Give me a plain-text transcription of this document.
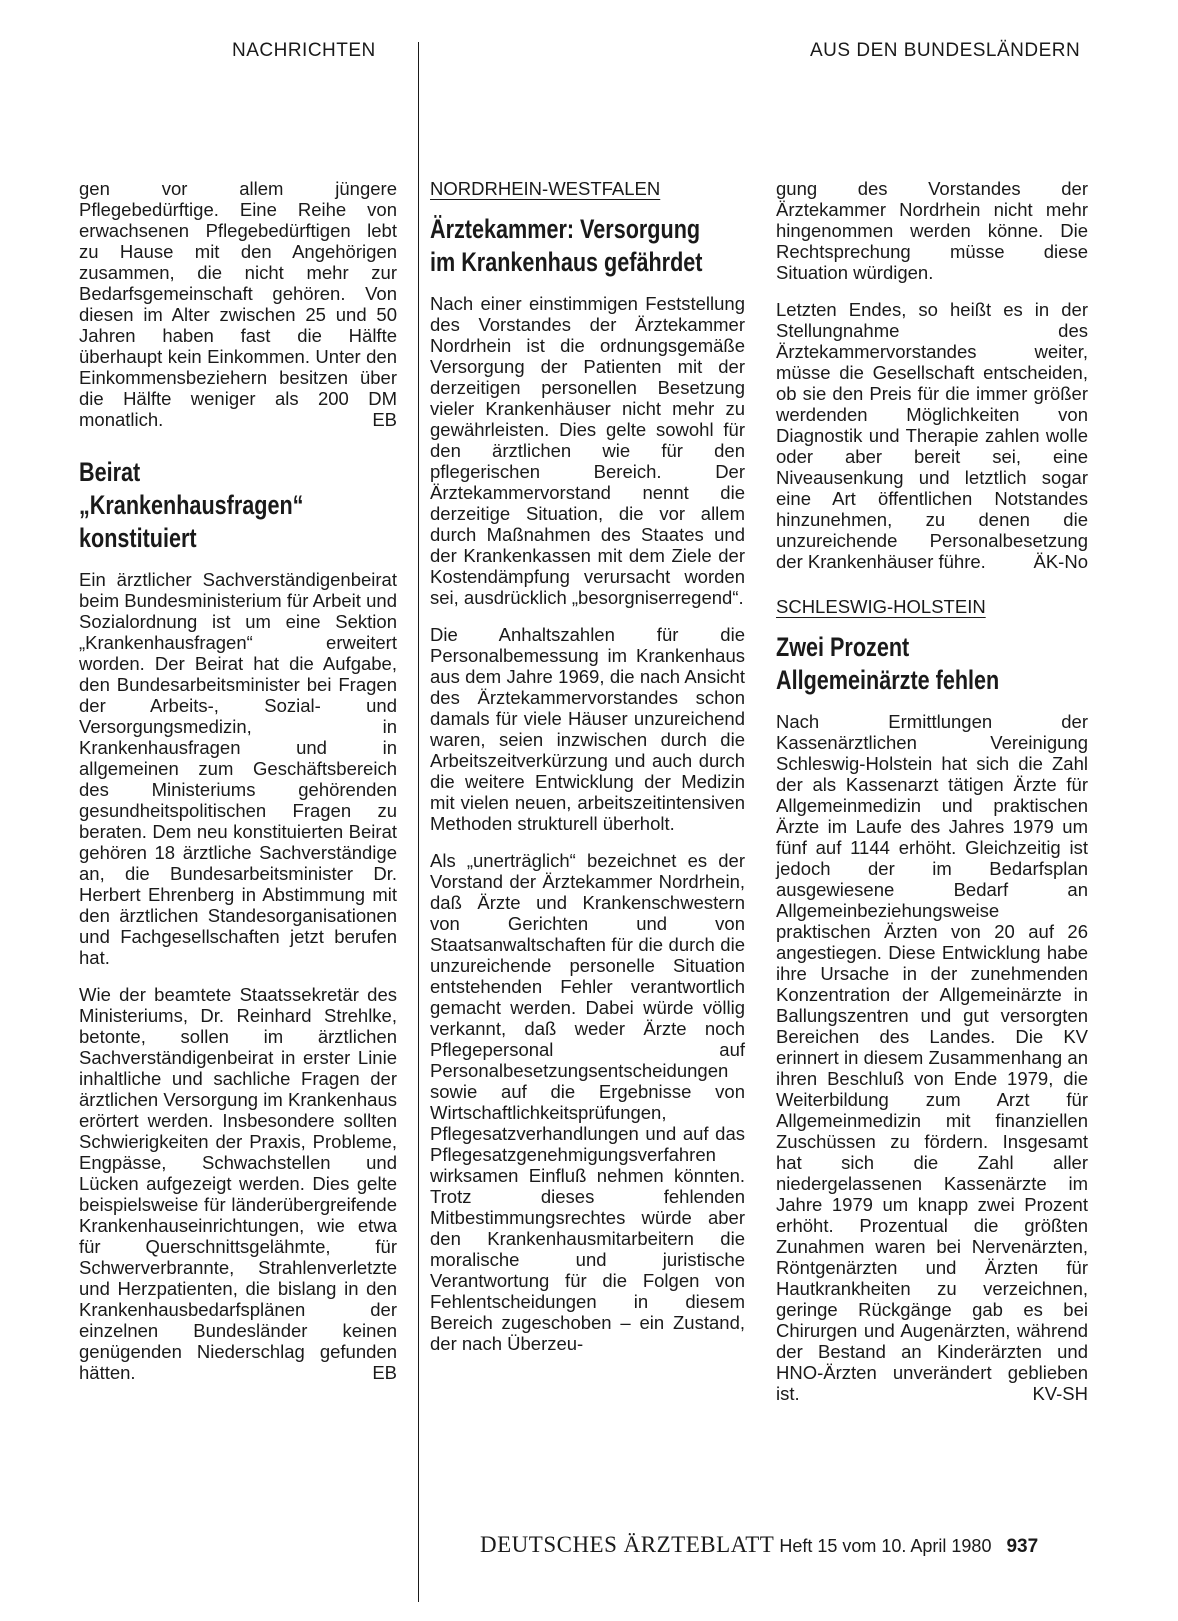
NACHRICHTEN	AUS DEN BUNDESLÄNDERN

gen vor allem jüngere Pflegebedürftige. Eine Reihe von erwachsenen Pflegebedürftigen lebt zu Hause mit den Angehörigen zusammen, die nicht mehr zur Bedarfsgemeinschaft gehören. Von diesen im Alter zwischen 25 und 50 Jahren haben fast die Hälfte überhaupt kein Einkommen. Unter den Einkommensbeziehern besitzen über die Hälfte weniger als 200 DM monatlich.	EB

Beirat
„Krankenhausfragen“
konstituiert

Ein ärztlicher Sachverständigenbeirat beim Bundesministerium für Arbeit und Sozialordnung ist um eine Sektion „Krankenhausfragen“ erweitert worden. Der Beirat hat die Aufgabe, den Bundesarbeitsminister bei Fragen der Arbeits-, Sozial- und Versorgungsmedizin, in Krankenhausfragen und in allgemeinen zum Geschäftsbereich des Ministeriums gehörenden gesundheitspolitischen Fragen zu beraten. Dem neu konstituierten Beirat gehören 18 ärztliche Sachverständige an, die Bundesarbeitsminister Dr. Herbert Ehrenberg in Abstimmung mit den ärztlichen Standesorganisationen und Fachgesellschaften jetzt berufen hat.

Wie der beamtete Staatssekretär des Ministeriums, Dr. Reinhard Strehlke, betonte, sollen im ärztlichen Sachverständigenbeirat in erster Linie inhaltliche und sachliche Fragen der ärztlichen Versorgung im Krankenhaus erörtert werden. Insbesondere sollten Schwierigkeiten der Praxis, Probleme, Engpässe, Schwachstellen und Lücken aufgezeigt werden. Dies gelte beispielsweise für länderübergreifende Krankenhauseinrichtungen, wie etwa für Querschnittsgelähmte, für Schwerverbrannte, Strahlenverletzte und Herzpatienten, die bislang in den Krankenhausbedarfsplänen der einzelnen Bundesländer keinen genügenden Niederschlag gefunden hätten.	EB

NORDRHEIN-WESTFALEN
Ärztekammer: Versorgung
im Krankenhaus gefährdet

Nach einer einstimmigen Feststellung des Vorstandes der Ärztekammer Nordrhein ist die ordnungsgemäße Versorgung der Patienten mit der derzeitigen personellen Besetzung vieler Krankenhäuser nicht mehr zu gewährleisten. Dies gelte sowohl für den ärztlichen wie für den pflegerischen Bereich. Der Ärztekammervorstand nennt die derzeitige Situation, die vor allem durch Maßnahmen des Staates und der Krankenkassen mit dem Ziele der Kostendämpfung verursacht worden sei, ausdrücklich „besorgniserregend“.

Die Anhaltszahlen für die Personalbemessung im Krankenhaus aus dem Jahre 1969, die nach Ansicht des Ärztekammervorstandes schon damals für viele Häuser unzureichend waren, seien inzwischen durch die Arbeitszeitverkürzung und auch durch die weitere Entwicklung der Medizin mit vielen neuen, arbeitszeitintensiven Methoden strukturell überholt.

Als „unerträglich“ bezeichnet es der Vorstand der Ärztekammer Nordrhein, daß Ärzte und Krankenschwestern von Gerichten und von Staatsanwaltschaften für die durch die unzureichende personelle Situation entstehenden Fehler verantwortlich gemacht werden. Dabei würde völlig verkannt, daß weder Ärzte noch Pflegepersonal auf Personalbesetzungsentscheidungen sowie auf die Ergebnisse von Wirtschaftlichkeitsprüfungen, Pflegesatzverhandlungen und auf das Pflegesatzgenehmigungsverfahren wirksamen Einfluß nehmen könnten. Trotz dieses fehlenden Mitbestimmungsrechtes würde aber den Krankenhausmitarbeitern die moralische und juristische Verantwortung für die Folgen von Fehlentscheidungen in diesem Bereich zugeschoben – ein Zustand, der nach Überzeu-

gung des Vorstandes der Ärztekammer Nordrhein nicht mehr hingenommen werden könne. Die Rechtsprechung müsse diese Situation würdigen.

Letzten Endes, so heißt es in der Stellungnahme des Ärztekammervorstandes weiter, müsse die Gesellschaft entscheiden, ob sie den Preis für die immer größer werdenden Möglichkeiten von Diagnostik und Therapie zahlen wolle oder aber bereit sei, eine Niveausenkung und letztlich sogar eine Art öffentlichen Notstandes hinzunehmen, zu denen die unzureichende Personalbesetzung der Krankenhäuser führe.	ÄK-No

SCHLESWIG-HOLSTEIN
Zwei Prozent
Allgemeinärzte fehlen

Nach Ermittlungen der Kassenärztlichen Vereinigung Schleswig-Holstein hat sich die Zahl der als Kassenarzt tätigen Ärzte für Allgemeinmedizin und praktischen Ärzte im Laufe des Jahres 1979 um fünf auf 1144 erhöht. Gleichzeitig ist jedoch der im Bedarfsplan ausgewiesene Bedarf an Allgemeinbeziehungsweise praktischen Ärzten von 20 auf 26 angestiegen. Diese Entwicklung habe ihre Ursache in der zunehmenden Konzentration der Allgemeinärzte in Ballungszentren und gut versorgten Bereichen des Landes. Die KV erinnert in diesem Zusammenhang an ihren Beschluß von Ende 1979, die Weiterbildung zum Arzt für Allgemeinmedizin mit finanziellen Zuschüssen zu fördern. Insgesamt hat sich die Zahl aller niedergelassenen Kassenärzte im Jahre 1979 um knapp zwei Prozent erhöht. Prozentual die größten Zunahmen waren bei Nervenärzten, Röntgenärzten und Ärzten für Hautkrankheiten zu verzeichnen, geringe Rückgänge gab es bei Chirurgen und Augenärzten, während der Bestand an Kinderärzten und HNO-Ärzten unverändert geblieben ist.	KV-SH

DEUTSCHES ÄRZTEBLATT Heft 15 vom 10. April 1980 937
